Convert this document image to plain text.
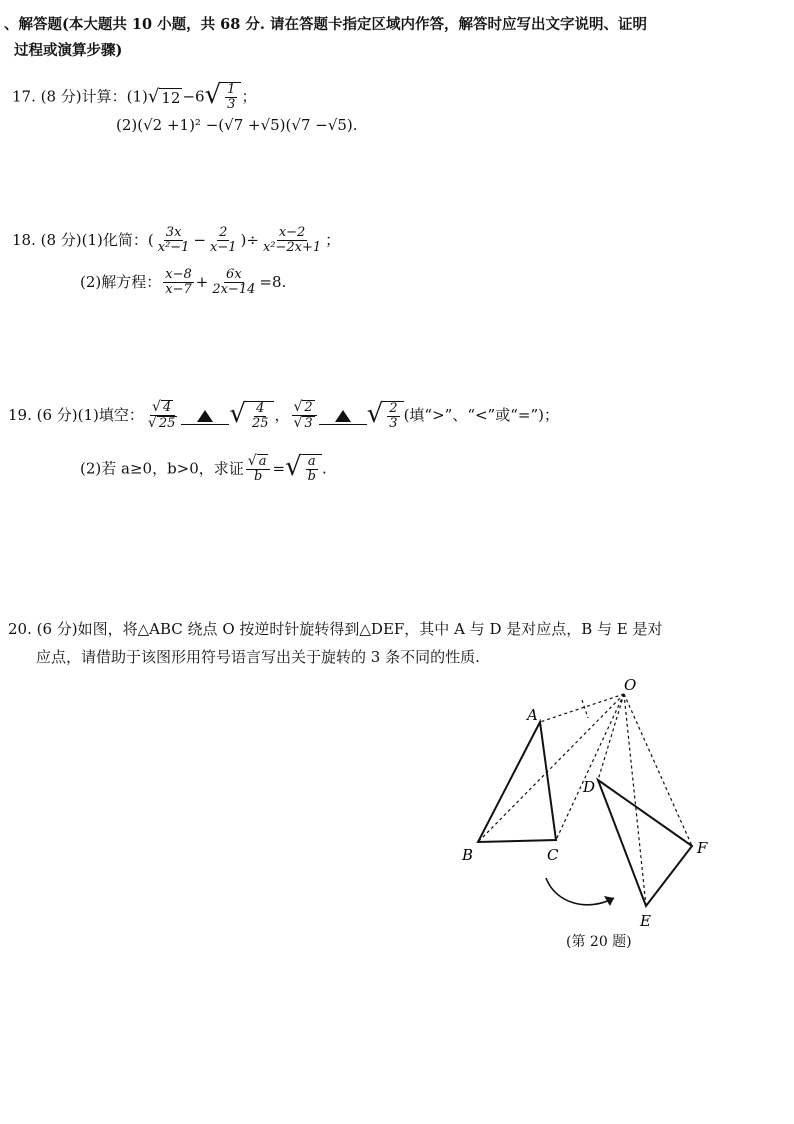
、解答题(本大题共 10 小题，共 68 分. 请在答题卡指定区域内作答，解答时应写出文字说明、证明
过程或演算步骤)
17. (8 分)计算：(1) √ 12 −6 √ $\frac{1}{3}$ ；
(2)(√2 +1)² −(√7 +√5)(√7 −√5).
18. (8 分)(1)化简：( $\frac{3x}{\text{x²−1}} - \frac{2}{x-1}$ )÷ $\frac{x-2}{\text{x²−2x+1}}$ ；
(2)解方程： $\frac{x-8}{x-7} + \frac{6x}{2x-14} =8$.
19. (6 分)(1)填空： $\frac{√ 4}{√ 25}$ √ $\frac{4}{25}$ ， $\frac{√ 2}{√ 3}$ √ $\frac{2}{3}$ (填“>”、“<”或“=”)；
(2)若 a≥0，b>0，求证 $\frac{√ a}{b}$ = √ $\frac{a}{b}$ .
20. (6 分)如图，将△ABC 绕点 O 按逆时针旋转得到△DEF，其中 A 与 D 是对应点，B 与 E 是对
应点，请借助于该图形用符号语言写出关于旋转的 3 条不同的性质.
O
A
B	C
D
E
F
(第 20 题)
